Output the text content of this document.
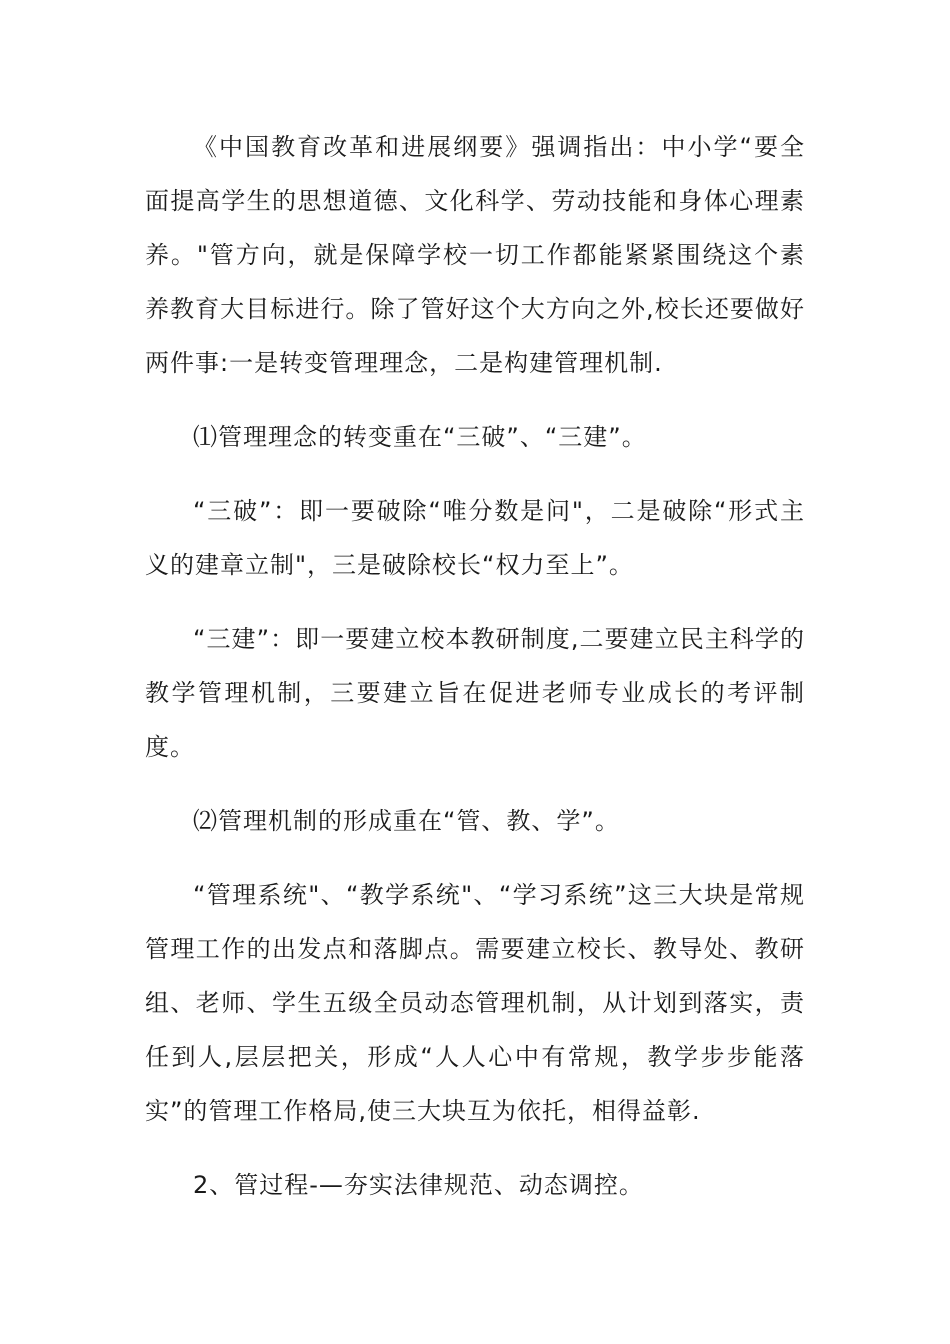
《中国教育改革和进展纲要》强调指出：中小学“要全面提高学生的思想道德、文化科学、劳动技能和身体心理素养。"管方向，就是保障学校一切工作都能紧紧围绕这个素养教育大目标进行。除了管好这个大方向之外,校长还要做好两件事:一是转变管理理念，二是构建管理机制.

⑴管理理念的转变重在“三破”、“三建”。

“三破”：即一要破除“唯分数是问"，二是破除“形式主义的建章立制"，三是破除校长“权力至上”。

“三建”：即一要建立校本教研制度,二要建立民主科学的教学管理机制，三要建立旨在促进老师专业成长的考评制度。

⑵管理机制的形成重在“管、教、学”。

“管理系统"、“教学系统"、“学习系统”这三大块是常规管理工作的出发点和落脚点。需要建立校长、教导处、教研组、老师、学生五级全员动态管理机制，从计划到落实，责任到人,层层把关，形成“人人心中有常规，教学步步能落实”的管理工作格局,使三大块互为依托，相得益彰.

2、管过程-—夯实法律规范、动态调控。
